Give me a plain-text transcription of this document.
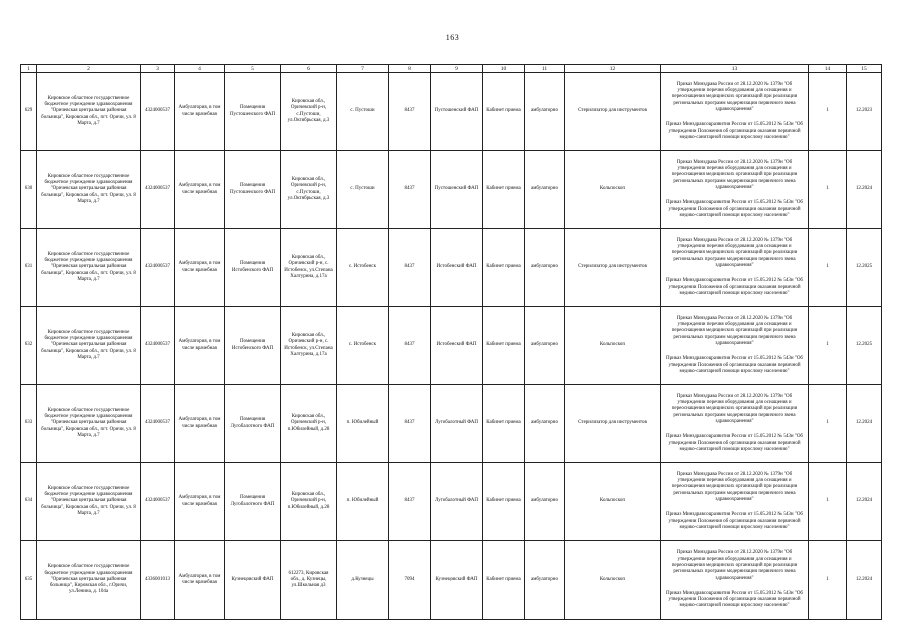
163
1	2	3	4	5	6	7	8	9	10	11	12	13	14	15
629	Кировское областное государственное бюджетное учреждение здравоохранения "Оричевская центральная районная больница", Кировская обл., пгт. Оричи, ул. 8 Марта, д.7	4324000537	Амбулатория, в том числе врачебная	Помещения Пустошенского ФАП	Кировская обл., Оричевский р-н, с.Пустоши, ул.Октябрьская, д.3	с. Пустоши	8437	Пустошенский ФАП	Кабинет приема	амбулаторно	Стерилизатор для инструментов	Приказ Минздрава России от 28.12.2020 № 1379н "Об утверждении перечня оборудования для оснащения и переоснащения медицинских организаций при реализации региональных программ модернизации первичного звена здравоохранения"
Приказ Минздравсоцразвития России от 15.05.2012 № 543н "Об утверждении Положения об организации оказания первичной медико-санитарной помощи взрослому населению"	1	12.2023
630	Кировское областное государственное бюджетное учреждение здравоохранения "Оричевская центральная районная больница", Кировская обл., пгт. Оричи, ул. 8 Марта, д.7	4324000537	Амбулатория, в том числе врачебная	Помещения Пустошенского ФАП	Кировская обл., Оричевский р-н, с.Пустоши, ул.Октябрьская, д.3	с. Пустоши	8437	Пустошенский ФАП	Кабинет приема	амбулаторно	Кольпоскоп	Приказ Минздрава России от 28.12.2020 № 1379н "Об утверждении перечня оборудования для оснащения и переоснащения медицинских организаций при реализации региональных программ модернизации первичного звена здравоохранения"
Приказ Минздравсоцразвития России от 15.05.2012 № 543н "Об утверждении Положения об организации оказания первичной медико-санитарной помощи взрослому населению"	1	12.2024
631	Кировское областное государственное бюджетное учреждение здравоохранения "Оричевская центральная районная больница", Кировская обл., пгт. Оричи, ул. 8 Марта, д.7	4324000537	Амбулатория, в том числе врачебная	Помещения Истобенского ФАП	Кировская обл., Оричевский р-н, с. Истобенск, ул.Степана Халтурина, д.17а	с. Истобенск	8437	Истобенский ФАП	Кабинет приема	амбулаторно	Стерилизатор для инструментов	Приказ Минздрава России от 28.12.2020 № 1379н "Об утверждении перечня оборудования для оснащения и переоснащения медицинских организаций при реализации региональных программ модернизации первичного звена здравоохранения"
Приказ Минздравсоцразвития России от 15.05.2012 № 543н "Об утверждении Положения об организации оказания первичной медико-санитарной помощи взрослому населению"	1	12.2025
632	Кировское областное государственное бюджетное учреждение здравоохранения "Оричевская центральная районная больница", Кировская обл., пгт. Оричи, ул. 8 Марта, д.7	4324000537	Амбулатория, в том числе врачебная	Помещения Истобенского ФАП	Кировская обл., Оричевский р-н, с. Истобенск, ул.Степана Халтурина, д.17а	с. Истобенск	8437	Истобенский ФАП	Кабинет приема	амбулаторно	Кольпоскоп	Приказ Минздрава России от 28.12.2020 № 1379н "Об утверждении перечня оборудования для оснащения и переоснащения медицинских организаций при реализации региональных программ модернизации первичного звена здравоохранения"
Приказ Минздравсоцразвития России от 15.05.2012 № 543н "Об утверждении Положения об организации оказания первичной медико-санитарной помощи взрослому населению"	1	12.2025
633	Кировское областное государственное бюджетное учреждение здравоохранения "Оричевская центральная районная больница", Кировская обл., пгт. Оричи, ул. 8 Марта, д.7	4324000537	Амбулатория, в том числе врачебная	Помещения Лугобалотного ФАП	Кировская обл., Оричевский р-н, п.Юбилейный, д.28	п. Юбилейный	8437	Лугобалотный ФАП	Кабинет приема	амбулаторно	Стерилизатор для инструментов	Приказ Минздрава России от 28.12.2020 № 1379н "Об утверждении перечня оборудования для оснащения и переоснащения медицинских организаций при реализации региональных программ модернизации первичного звена здравоохранения"
Приказ Минздравсоцразвития России от 15.05.2012 № 543н "Об утверждении Положения об организации оказания первичной медико-санитарной помощи взрослому населению"	1	12.2024
634	Кировское областное государственное бюджетное учреждение здравоохранения "Оричевская центральная районная больница", Кировская обл., пгт. Оричи, ул. 8 Марта, д.7	4324000537	Амбулатория, в том числе врачебная	Помещения Лугобалотного ФАП	Кировская обл., Оричевский р-н, п.Юбилейный, д.28	п. Юбилейный	8437	Лугобалотный ФАП	Кабинет приема	амбулаторно	Кольпоскоп	Приказ Минздрава России от 28.12.2020 № 1379н "Об утверждении перечня оборудования для оснащения и переоснащения медицинских организаций при реализации региональных программ модернизации первичного звена здравоохранения"
Приказ Минздравсоцразвития России от 15.05.2012 № 543н "Об утверждении Положения об организации оказания первичной медико-санитарной помощи взрослому населению"	1	12.2024
635	Кировское областное государственное бюджетное учреждение здравоохранения "Оричевская центральная районная больница", Кировская обл., г.Оричи, ул.Ленина, д. 104а	4336001013	Амбулатория, в том числе врачебная	Кузнецовский ФАП	612273, Кировская обл., д. Кузнецы, ул.Школьная д3	д.Кузнецы	7094	Кузнецовский ФАП	Кабинет приема	амбулаторно	Кольпоскоп	Приказ Минздрава России от 28.12.2020 № 1379н "Об утверждении перечня оборудования для оснащения и переоснащения медицинских организаций при реализации региональных программ модернизации первичного звена здравоохранения"
Приказ Минздравсоцразвития России от 15.05.2012 № 543н "Об утверждении Положения об организации оказания первичной медико-санитарной помощи взрослому населению"	1	12.2024
